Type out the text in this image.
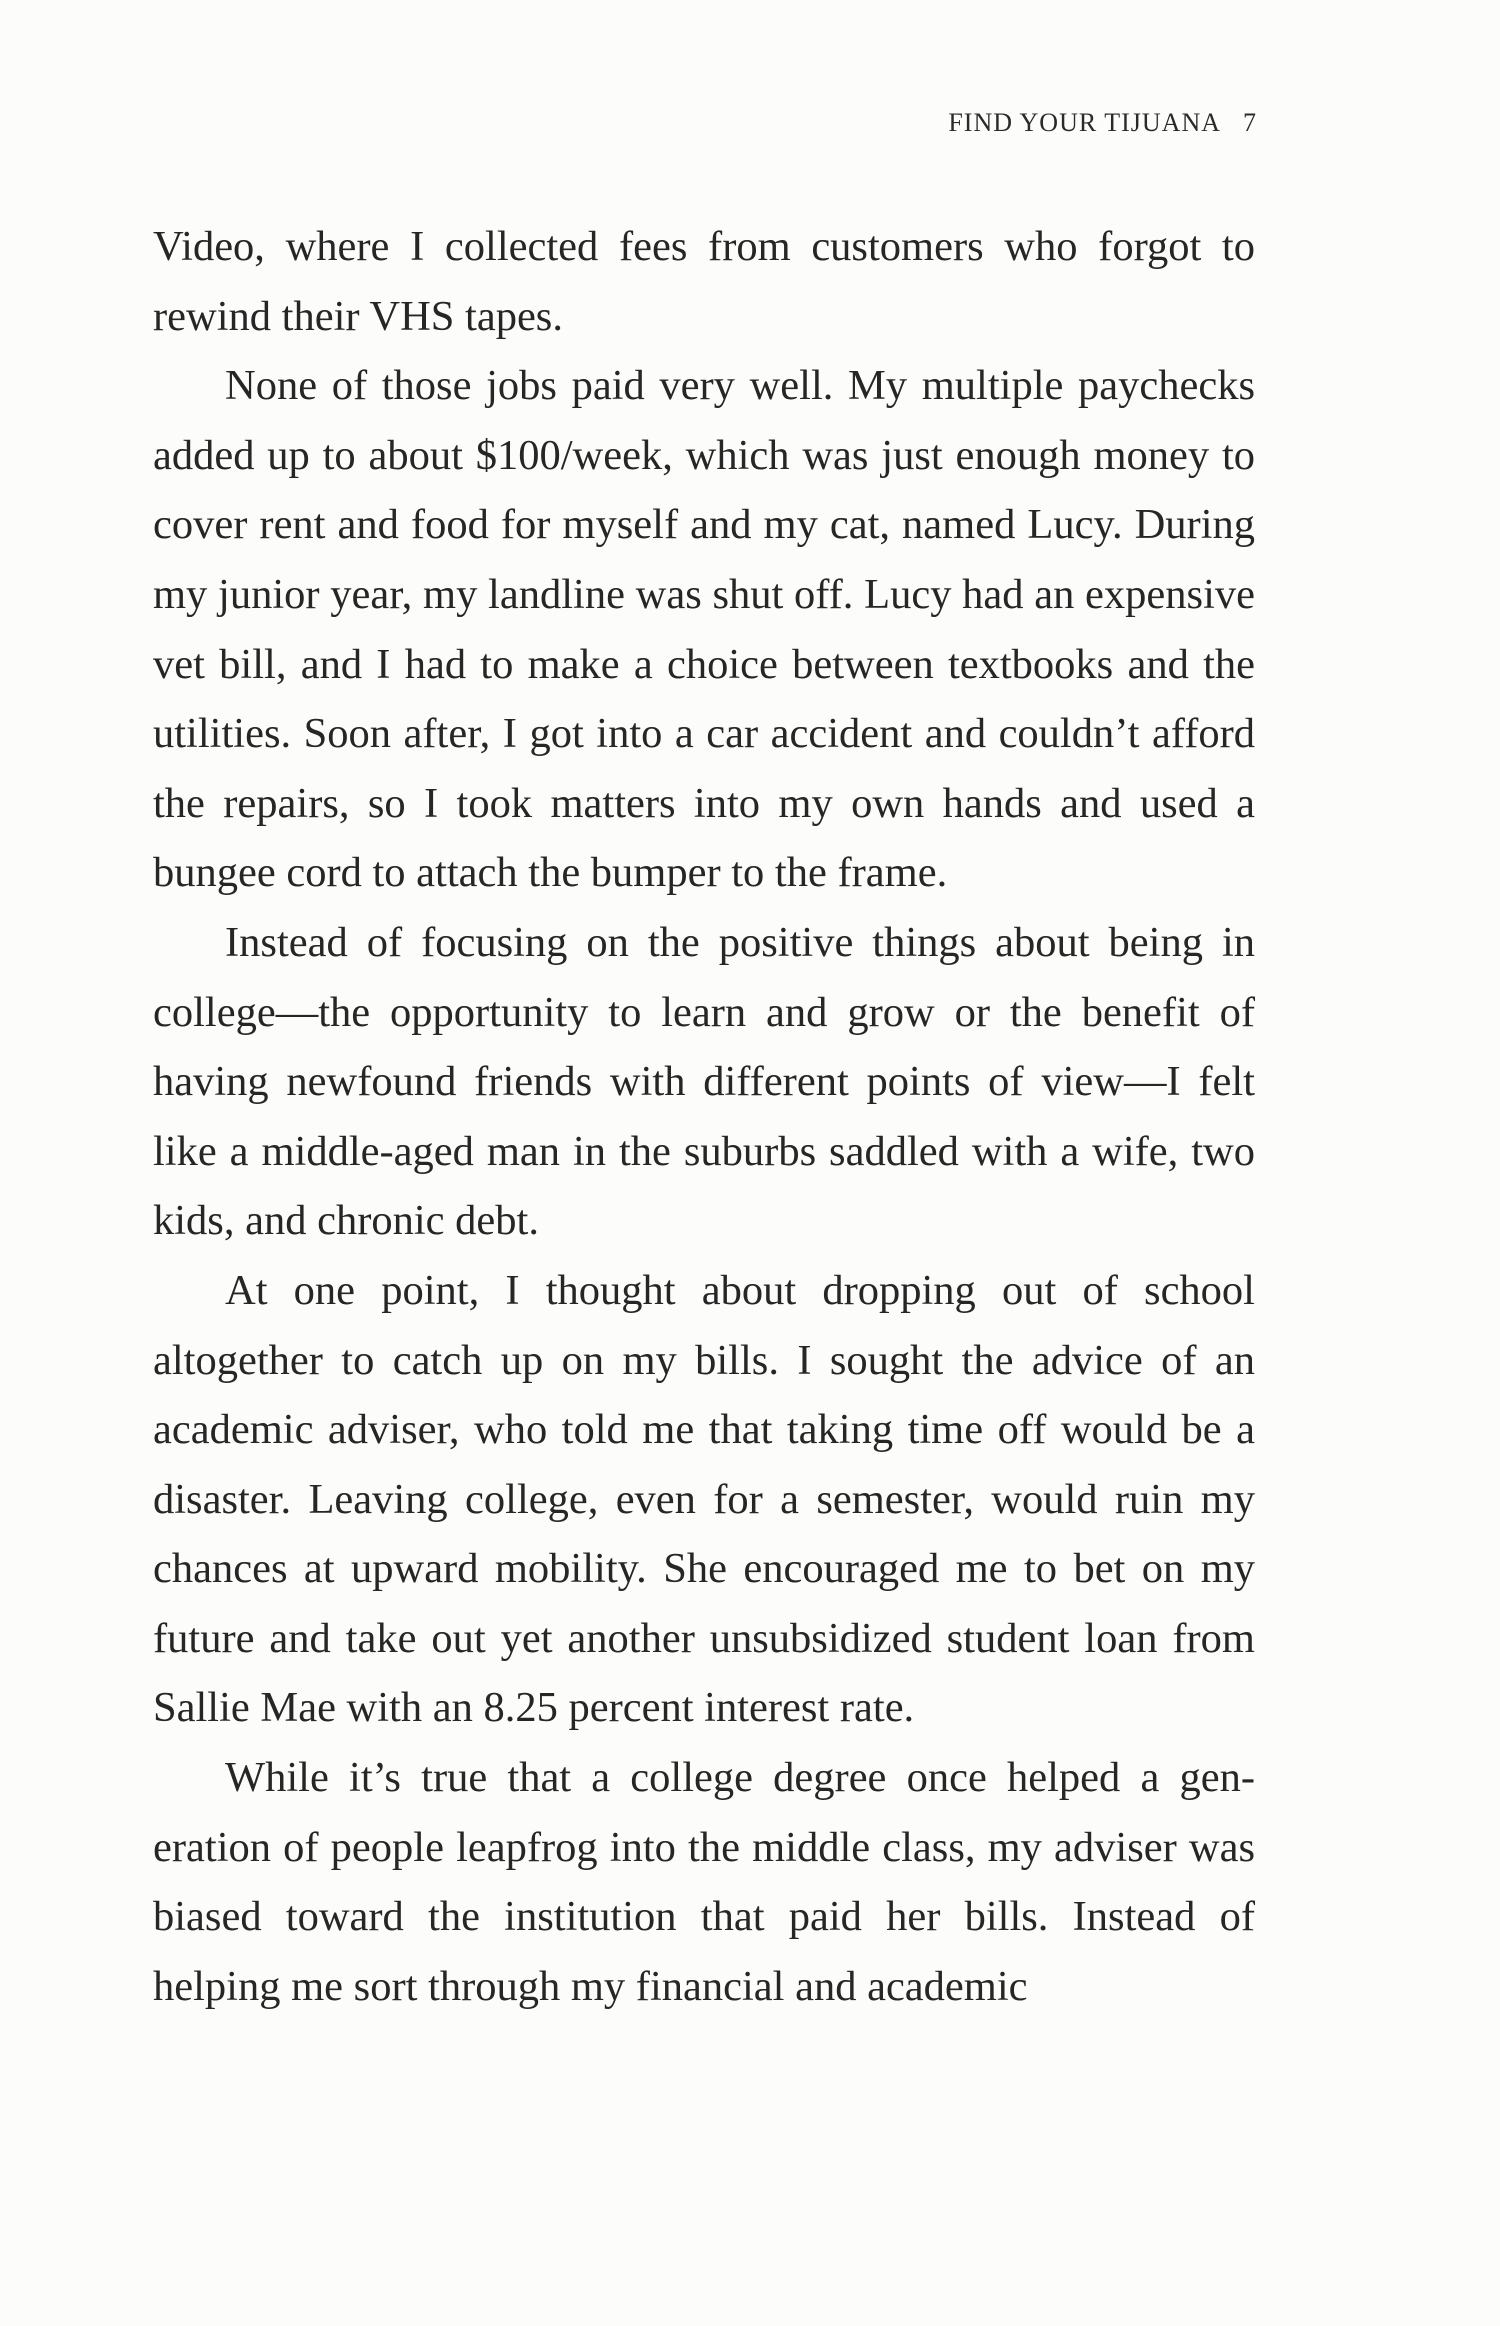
FIND YOUR TIJUANA 7

Video, where I collected fees from customers who forgot to rewind their VHS tapes.

None of those jobs paid very well. My multiple paychecks added up to about $100/week, which was just enough money to cover rent and food for myself and my cat, named Lucy. During my junior year, my landline was shut off. Lucy had an expensive vet bill, and I had to make a choice between textbooks and the utilities. Soon after, I got into a car accident and couldn’t afford the repairs, so I took matters into my own hands and used a bungee cord to attach the bumper to the frame.

Instead of focusing on the positive things about being in college—the opportunity to learn and grow or the benefit of having newfound friends with different points of view—I felt like a middle-aged man in the suburbs saddled with a wife, two kids, and chronic debt.

At one point, I thought about dropping out of school altogether to catch up on my bills. I sought the advice of an academic adviser, who told me that taking time off would be a disaster. Leaving college, even for a semester, would ruin my chances at upward mobility. She encouraged me to bet on my future and take out yet another unsubsidized student loan from Sallie Mae with an 8.25 percent interest rate.

While it’s true that a college degree once helped a generation of people leapfrog into the middle class, my adviser was biased toward the institution that paid her bills. Instead of helping me sort through my financial and academic
